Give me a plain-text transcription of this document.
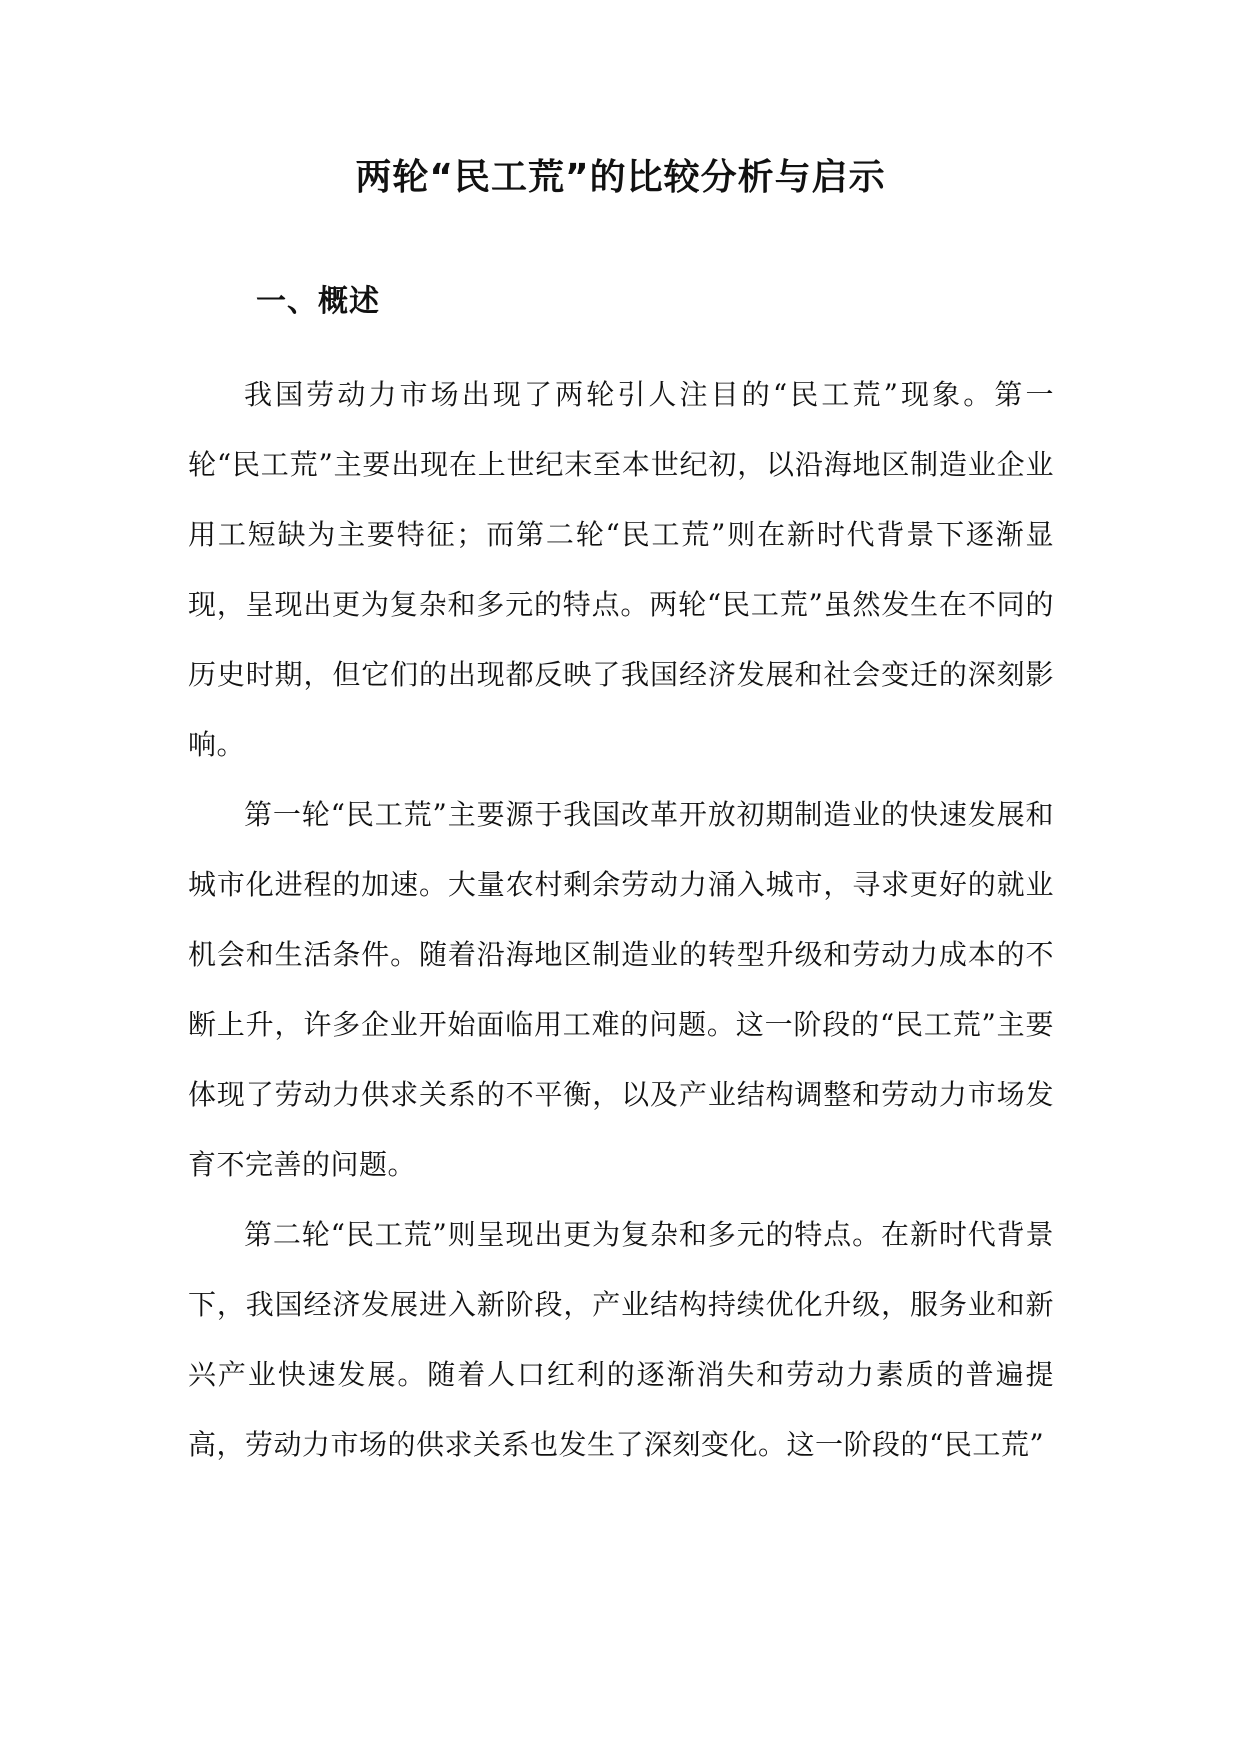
两轮“民工荒”的比较分析与启示
一、概述

我国劳动力市场出现了两轮引人注目的“民工荒”现象。第一轮“民工荒”主要出现在上世纪末至本世纪初，以沿海地区制造业企业用工短缺为主要特征；而第二轮“民工荒”则在新时代背景下逐渐显现，呈现出更为复杂和多元的特点。两轮“民工荒”虽然发生在不同的历史时期，但它们的出现都反映了我国经济发展和社会变迁的深刻影响。

第一轮“民工荒”主要源于我国改革开放初期制造业的快速发展和城市化进程的加速。大量农村剩余劳动力涌入城市，寻求更好的就业机会和生活条件。随着沿海地区制造业的转型升级和劳动力成本的不断上升，许多企业开始面临用工难的问题。这一阶段的“民工荒”主要体现了劳动力供求关系的不平衡，以及产业结构调整和劳动力市场发育不完善的问题。

第二轮“民工荒”则呈现出更为复杂和多元的特点。在新时代背景下，我国经济发展进入新阶段，产业结构持续优化升级，服务业和新兴产业快速发展。随着人口红利的逐渐消失和劳动力素质的普遍提高，劳动力市场的供求关系也发生了深刻变化。这一阶段的“民工荒”
